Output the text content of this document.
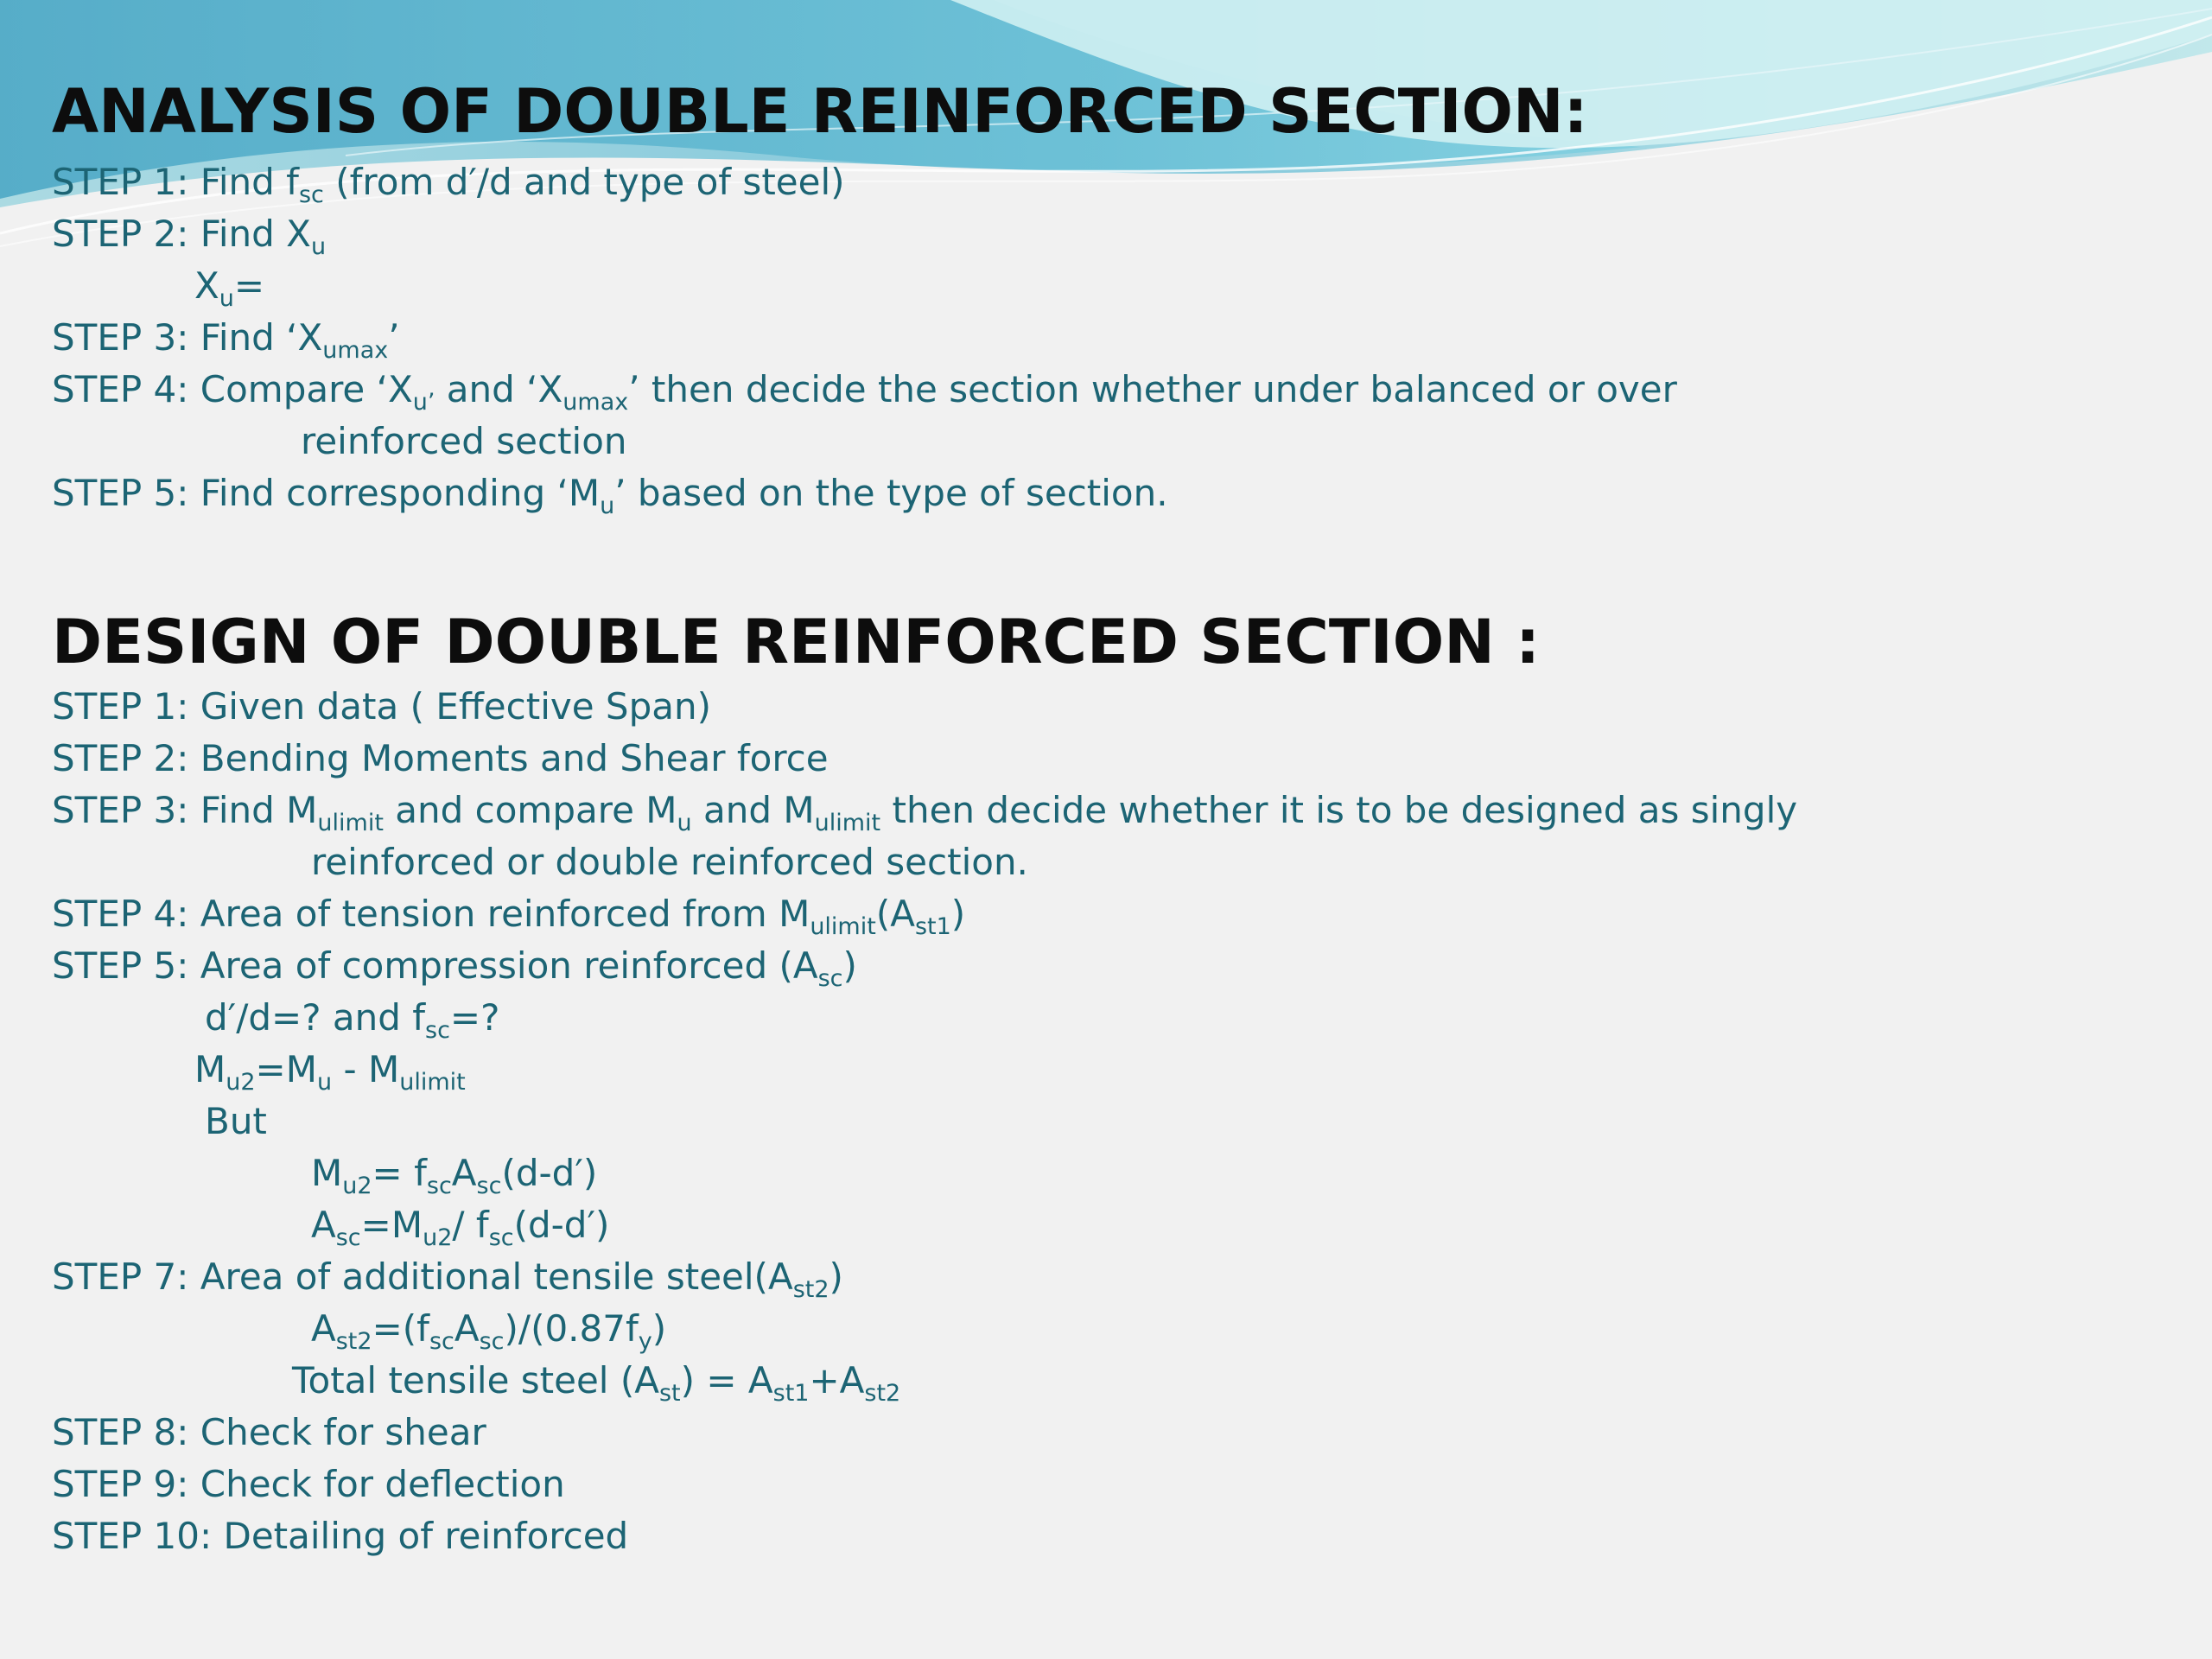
ANALYSIS OF DOUBLE REINFORCED SECTION:
STEP 1: Find $f_{sc}$ (from d′/d and type of steel)
STEP 2: Find $X_u$
$X_u=$
STEP 3: Find ‘$X_{umax}$’
STEP 4: Compare ‘$X_{u’}$ and ‘$X_{umax}$’ then decide the section whether under balanced or over
reinforced section
STEP 5: Find corresponding ‘$M_u$’ based on the type of section.
DESIGN OF DOUBLE REINFORCED SECTION :
STEP 1: Given data ( Effective Span)
STEP 2: Bending Moments and Shear force
STEP 3: Find $M_{ulimit}$ and compare $M_u$ and $M_{ulimit}$ then decide whether it is to be designed as singly
reinforced or double reinforced section.
STEP 4: Area of tension reinforced from $M_{ulimit}(A_{st1})$
STEP 5: Area of compression reinforced $(A_{sc})$
d′/d=? and $f_{sc}=$?
$M_{u2}=M_u - M_{ulimit}$
But
$M_{u2}= f_{sc}A_{sc}(d-d')$
$A_{sc}=M_{u2}/$ $f_{sc}(d-d')$
STEP 7: Area of additional tensile $steel(A_{st2})$
$A_{st2}=(f_{sc}A_{sc})/(0.87f_y)$
Total tensile steel $(A_{st}) = A_{st1}+A_{st2}$
STEP 8: Check for shear
STEP 9: Check for deflection
STEP 10: Detailing of reinforced
